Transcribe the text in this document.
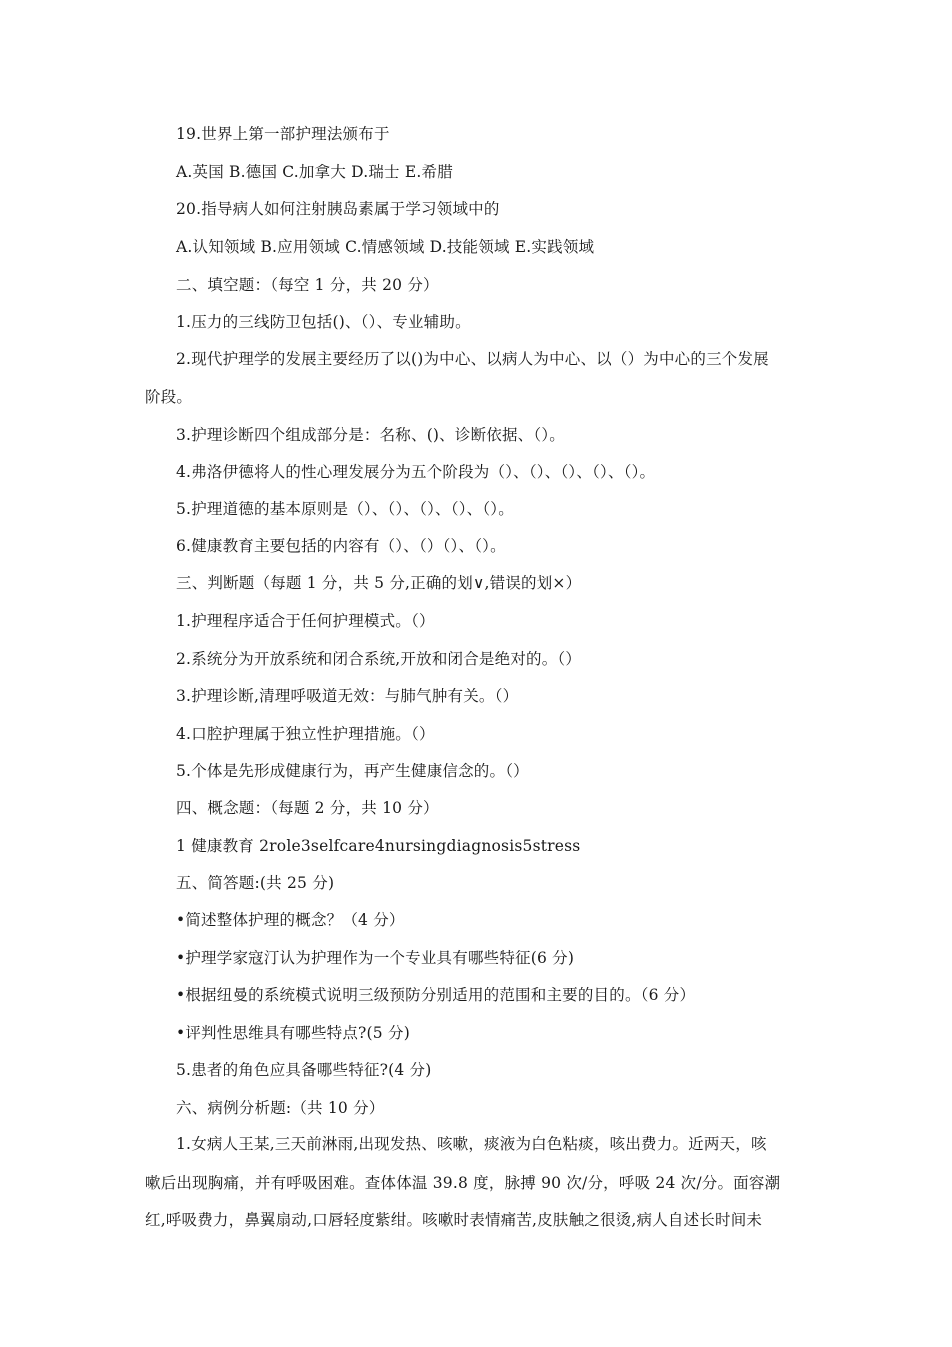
19.世界上第一部护理法颁布于
A.英国 B.德国 C.加拿大 D.瑞士 E.希腊
20.指导病人如何注射胰岛素属于学习领域中的
A.认知领域 B.应用领域 C.情感领域 D.技能领域 E.实践领域
二、填空题：（每空 1 分，共 20 分）
1.压力的三线防卫包括()、（）、专业辅助。
2.现代护理学的发展主要经历了以()为中心、以病人为中心、以（）为中心的三个发展
阶段。
3.护理诊断四个组成部分是：名称、()、诊断依据、（）。
4.弗洛伊德将人的性心理发展分为五个阶段为（）、（）、（）、（）、（）。
5.护理道德的基本原则是（）、（）、（）、（）、（）。
6.健康教育主要包括的内容有（）、（）（）、（）。
三、判断题（每题 1 分，共 5 分,正确的划∨,错误的划×）
1.护理程序适合于任何护理模式。（）
2.系统分为开放系统和闭合系统,开放和闭合是绝对的。（）
3.护理诊断,清理呼吸道无效：与肺气肿有关。（）
4.口腔护理属于独立性护理措施。（）
5.个体是先形成健康行为，再产生健康信念的。（）
四、概念题：（每题 2 分，共 10 分）
1 健康教育 2role3selfcare4nursingdiagnosis5stress
五、简答题:(共 25 分)
•简述整体护理的概念？（4 分）
•护理学家寇汀认为护理作为一个专业具有哪些特征(6 分)
•根据纽曼的系统模式说明三级预防分别适用的范围和主要的目的。（6 分）
•评判性思维具有哪些特点?(5 分)
5.患者的角色应具备哪些特征?(4 分)
六、病例分析题:（共 10 分）
1.女病人王某,三天前淋雨,出现发热、咳嗽，痰液为白色粘痰，咳出费力。近两天，咳
嗽后出现胸痛，并有呼吸困难。查体体温 39.8 度，脉搏 90 次/分，呼吸 24 次/分。面容潮
红,呼吸费力，鼻翼扇动,口唇轻度紫绀。咳嗽时表情痛苦,皮肤触之很烫,病人自述长时间未
